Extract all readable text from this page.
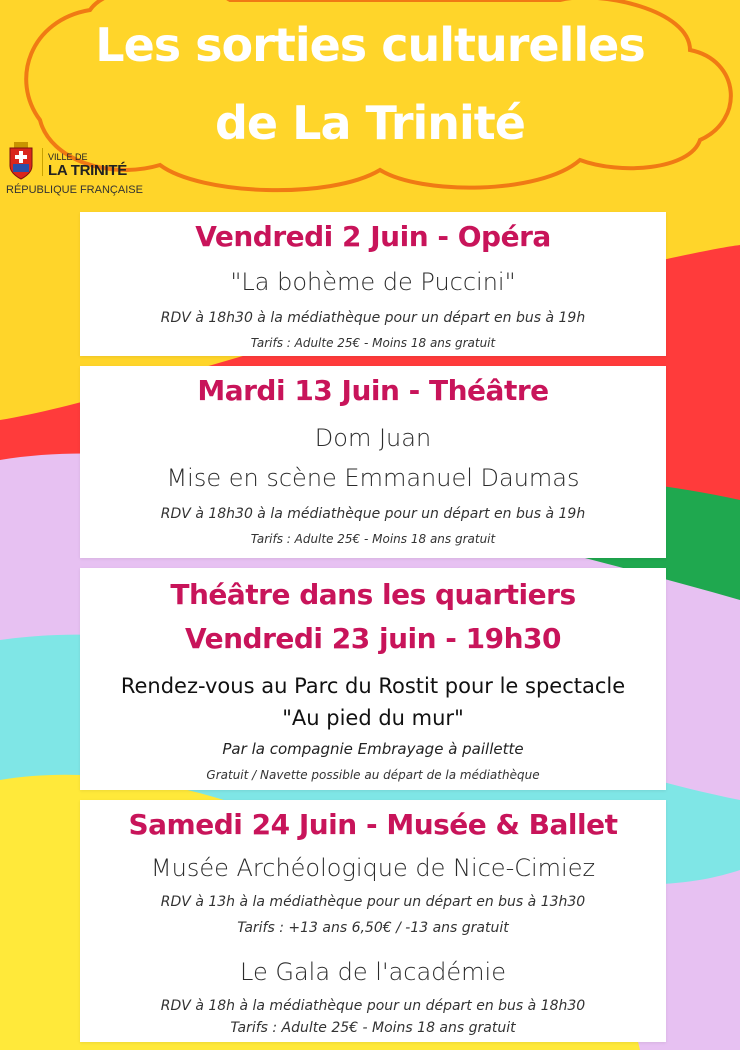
Les sorties culturelles
de La Trinité
VILLE DE
LA TRINITÉ
RÉPUBLIQUE FRANÇAISE
Vendredi 2 Juin - Opéra
"La bohème de Puccini"
RDV à 18h30 à la médiathèque pour un départ en bus à 19h
Tarifs : Adulte 25€ - Moins 18 ans gratuit
Mardi 13 Juin - Théâtre
Dom Juan
Mise en scène Emmanuel Daumas
RDV à 18h30 à la médiathèque pour un départ en bus à 19h
Tarifs : Adulte 25€ - Moins 18 ans gratuit
Théâtre dans les quartiers
Vendredi 23 juin - 19h30
Rendez-vous au Parc du Rostit pour le spectacle
"Au pied du mur"
Par la compagnie Embrayage à paillette
Gratuit / Navette possible au départ de la médiathèque
Samedi 24 Juin - Musée & Ballet
Musée Archéologique de Nice-Cimiez
RDV à 13h à la médiathèque pour un départ en bus à 13h30
Tarifs : +13 ans 6,50€ / -13 ans gratuit
Le Gala de l'académie
RDV à 18h à la médiathèque pour un départ en bus à 18h30
Tarifs : Adulte 25€ - Moins 18 ans gratuit
